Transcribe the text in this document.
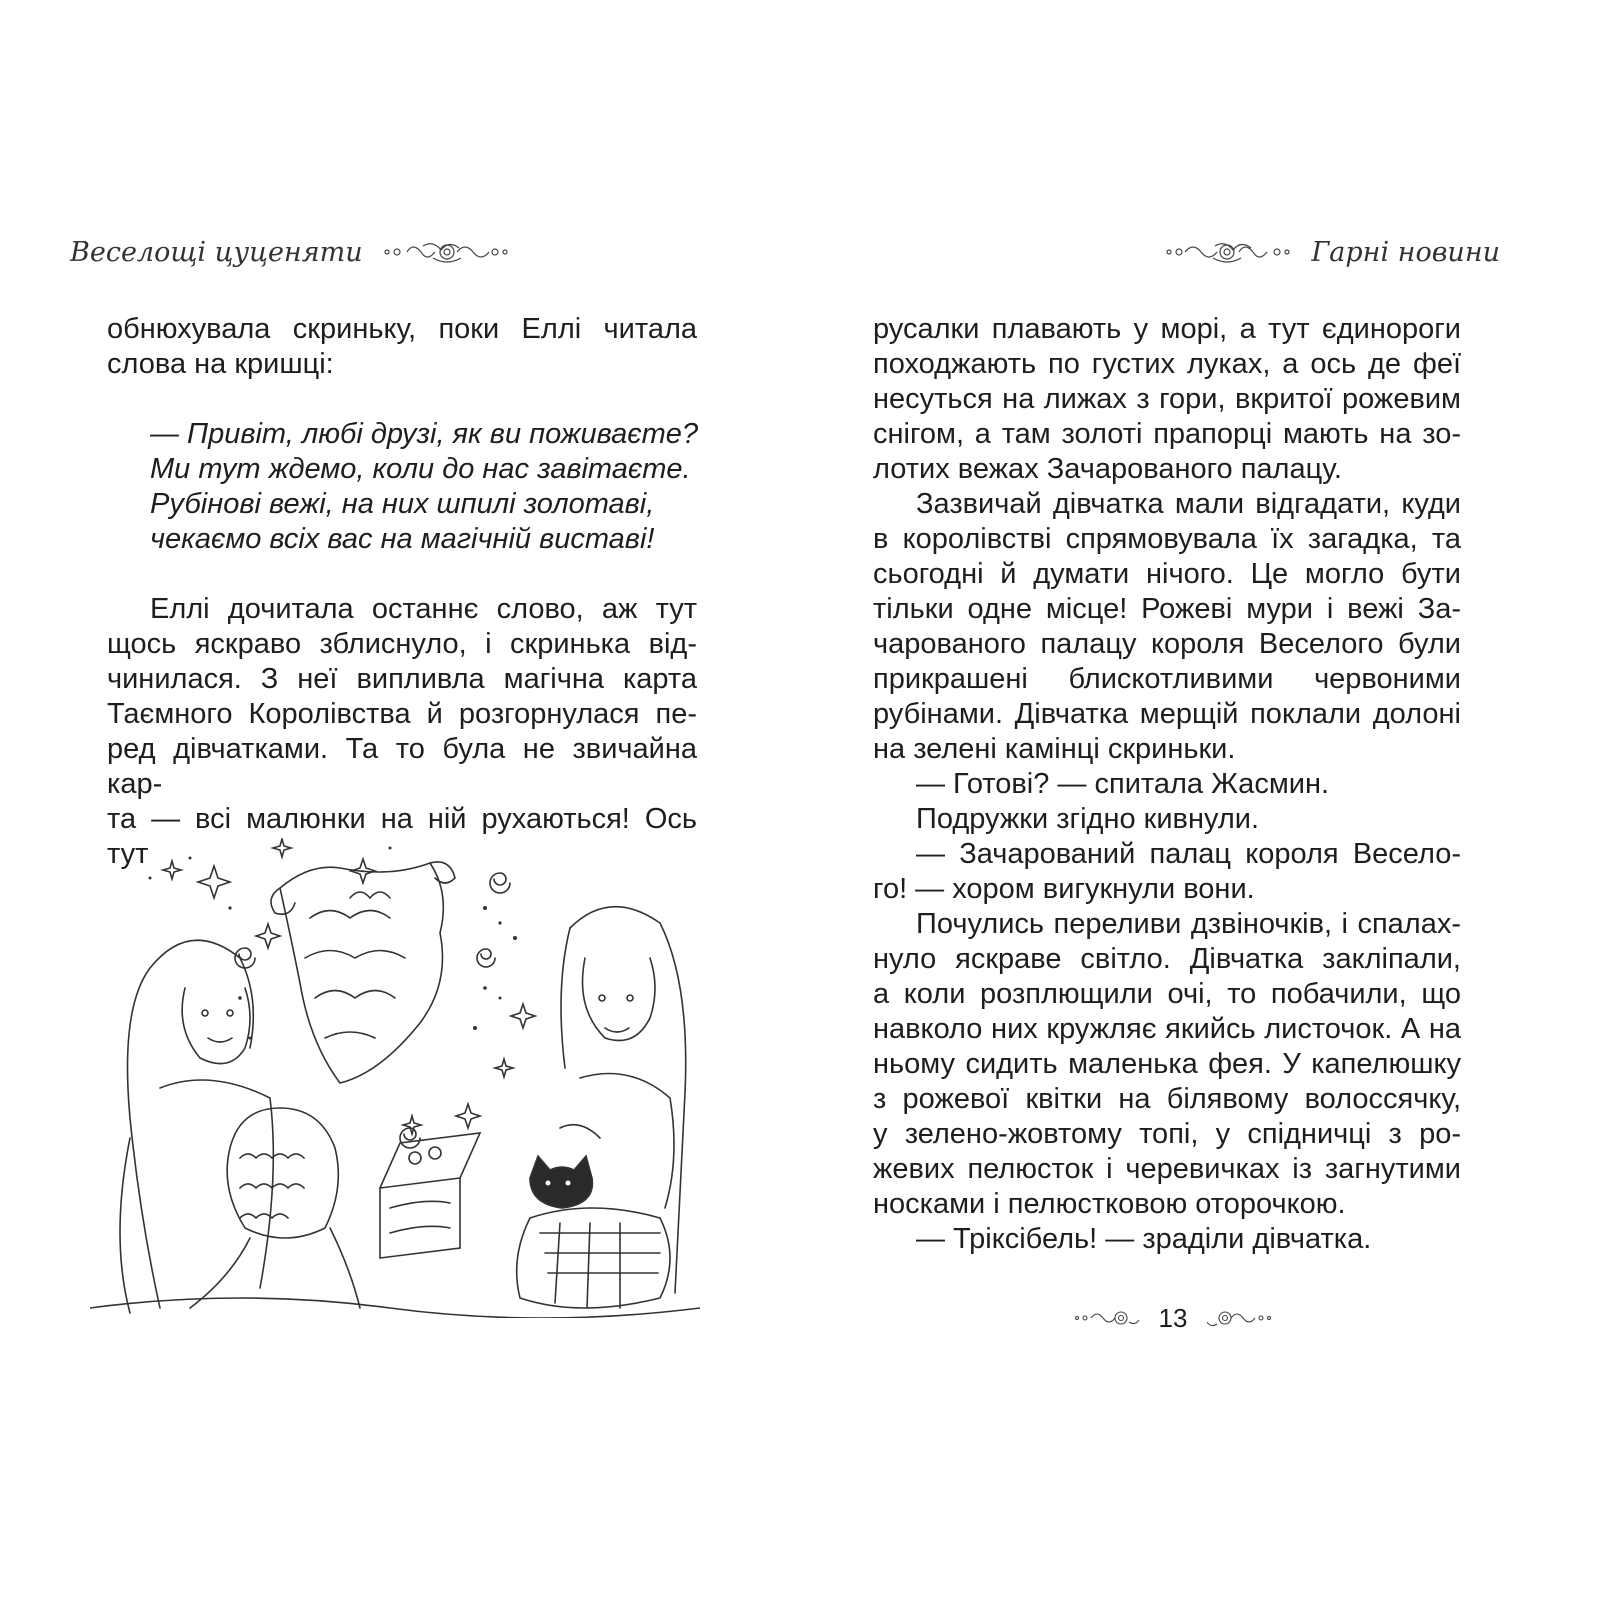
Веселощі цуценяти	Гарні новини

обнюхувала скриньку, поки Еллі читала

слова на кришці:

— Привіт, любі друзі, як ви поживаєте?
Ми тут ждемо, коли до нас завітаєте.
Рубінові вежі, на них шпилі золотаві,
чекаємо всіх вас на магічній виставі!

Еллі дочитала останнє слово, аж тут

щось яскраво зблиснуло, і скринька від-

чинилася. З неї випливла магічна карта

Таємного Королівства й розгорнулася пе-

ред дівчатками. Та то була не звичайна кар-

та — всі малюнки на ній рухаються! Ось тут

русалки плавають у морі, а тут єдинороги

походжають по густих луках, а ось де феї

несуться на лижах з гори, вкритої рожевим

снігом, а там золоті прапорці мають на зо-

лотих вежах Зачарованого палацу.

Зазвичай дівчатка мали відгадати, куди

в королівстві спрямовувала їх загадка, та

сьогодні й думати нічого. Це могло бути

тільки одне місце! Рожеві мури і вежі За-

чарованого палацу короля Веселого були

прикрашені блискотливими червоними

рубінами. Дівчатка мерщій поклали долоні

на зелені камінці скриньки.

— Готові? — спитала Жасмин.

Подружки згідно кивнули.

— Зачарований палац короля Весело-

го! — хором вигукнули вони.

Почулись переливи дзвіночків, і спалах-

нуло яскраве світло. Дівчатка закліпали,

а коли розплющили очі, то побачили, що

навколо них кружляє якийсь листочок. А на

ньому сидить маленька фея. У капелюшку

з рожевої квітки на білявому волоссячку,

у зелено-жовтому топі, у спідничці з ро-

жевих пелюсток і черевичках із загнутими

носками і пелюстковою оторочкою.

— Тріксібель! — зраділи дівчатка.

13
